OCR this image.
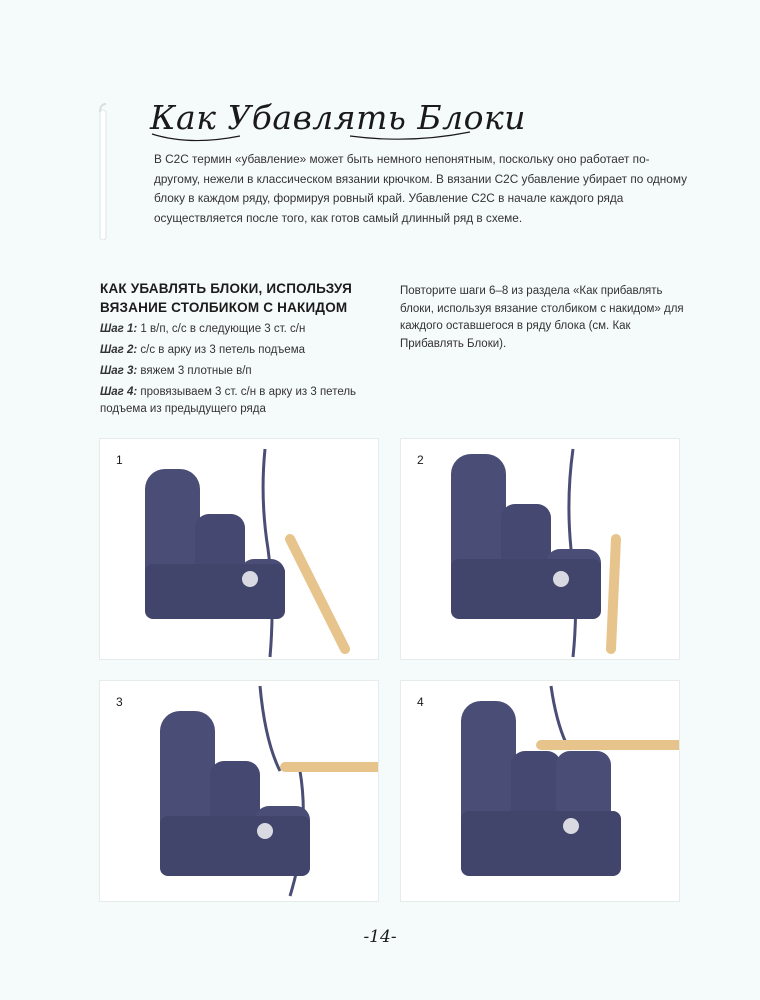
Как Убавлять Блоки

В C2C термин «убавление» может быть немного непонятным, поскольку оно работает по-другому, нежели в классическом вязании крючком. В вязании C2C убавление убирает по одному блоку в каждом ряду, формируя ровный край. Убавление C2C в начале каждого ряда осуществляется после того, как готов самый длинный ряд в схеме.

КАК УБАВЛЯТЬ БЛОКИ, ИСПОЛЬЗУЯ ВЯЗАНИЕ СТОЛБИКОМ С НАКИДОМ
Шаг 1: 1 в/п, с/с в следующие 3 ст. с/н
Шаг 2: с/с в арку из 3 петель подъема
Шаг 3: вяжем 3 плотные в/п
Шаг 4: провязываем 3 ст. с/н в арку из 3 петель подъема из предыдущего ряда

Повторите шаги 6–8 из раздела «Как прибавлять блоки, используя вязание столбиком с накидом» для каждого оставшегося в ряду блока (см. Как Прибавлять Блоки).

1	2
3	4
-14-
